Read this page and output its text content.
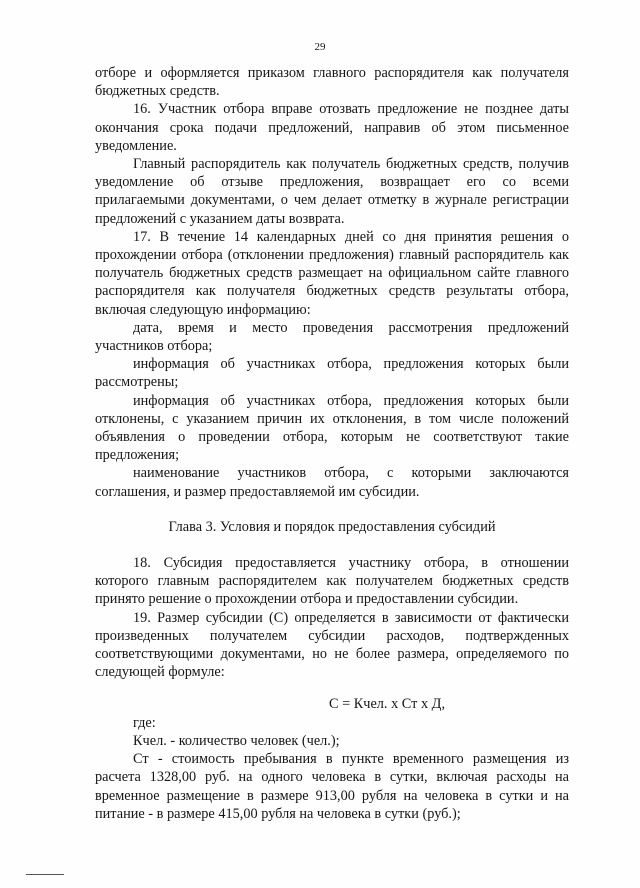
29

отборе и оформляется приказом главного распорядителя как получателя бюджетных средств.

16. Участник отбора вправе отозвать предложение не позднее даты окончания срока подачи предложений, направив об этом письменное уведомление.

Главный распорядитель как получатель бюджетных средств, получив уведомление об отзыве предложения, возвращает его со всеми прилагаемыми документами, о чем делает отметку в журнале регистрации предложений с указанием даты возврата.

17. В течение 14 календарных дней со дня принятия решения о прохождении отбора (отклонении предложения) главный распорядитель как получатель бюджетных средств размещает на официальном сайте главного распорядителя как получателя бюджетных средств результаты отбора, включая следующую информацию:

дата, время и место проведения рассмотрения предложений участников отбора;

информация об участниках отбора, предложения которых были рассмотрены;

информация об участниках отбора, предложения которых были отклонены, с указанием причин их отклонения, в том числе положений объявления о проведении отбора, которым не соответствуют такие предложения;

наименование участников отбора, с которыми заключаются соглашения, и размер предоставляемой им субсидии.

Глава 3. Условия и порядок предоставления субсидий

18. Субсидия предоставляется участнику отбора, в отношении которого главным распорядителем как получателем бюджетных средств принято решение о прохождении отбора и предоставлении субсидии.

19. Размер субсидии (С) определяется в зависимости от фактически произведенных получателем субсидии расходов, подтвержденных соответствующими документами, но не более размера, определяемого по следующей формуле:

С = Кчел. х Ст х Д,

где:

Кчел. - количество человек (чел.);

Ст - стоимость пребывания в пункте временного размещения из расчета 1328,00 руб. на одного человека в сутки, включая расходы на временное размещение в размере 913,00 рубля на человека в сутки и на питание - в размере 415,00 рубля на человека в сутки (руб.);
